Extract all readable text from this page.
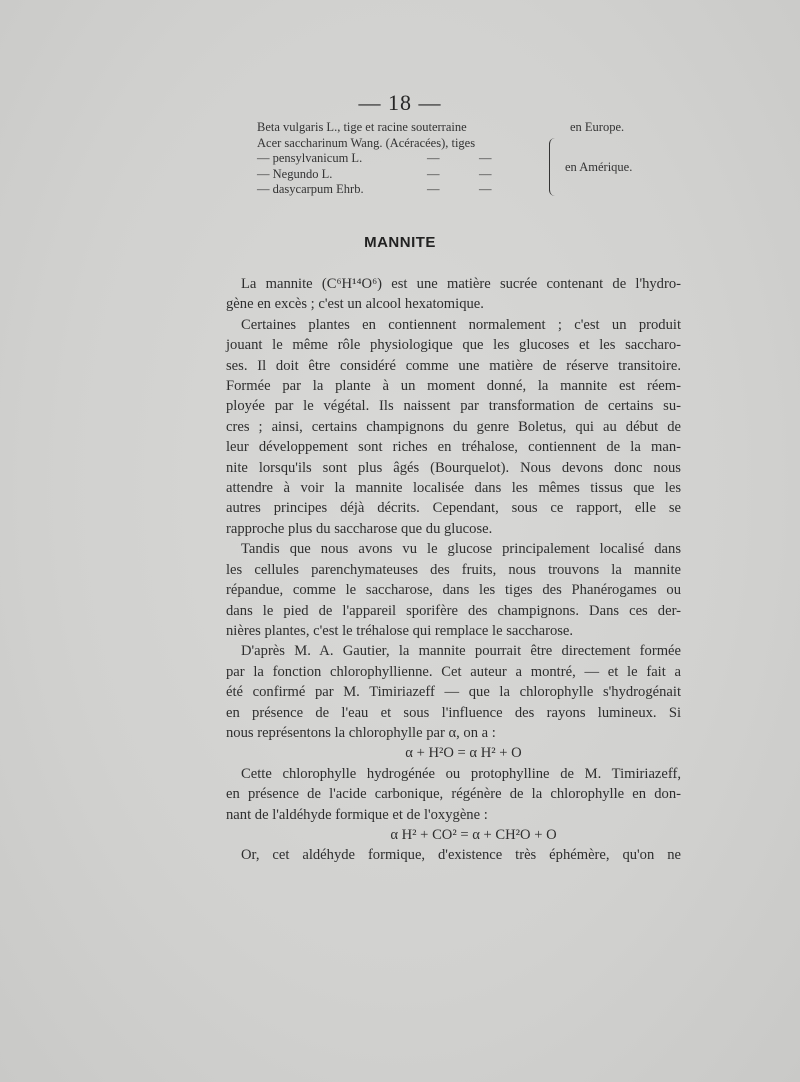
— 18 —
Beta vulgaris L., tige et racine souterraine	en Europe.
Acer saccharinum Wang. (Acéracées), tiges
— pensylvanicum L.	—	—
— Negundo L.	—	—
— dasycarpum Ehrb.	—	—
en Amérique.
MANNITE
La mannite (C⁶H¹⁴O⁶) est une matière sucrée contenant de l'hydro-
gène en excès ; c'est un alcool hexatomique.
Certaines plantes en contiennent normalement ; c'est un produit
jouant le même rôle physiologique que les glucoses et les saccharo-
ses. Il doit être considéré comme une matière de réserve transitoire.
Formée par la plante à un moment donné, la mannite est réem-
ployée par le végétal. Ils naissent par transformation de certains su-
cres ; ainsi, certains champignons du genre Boletus, qui au début de
leur développement sont riches en tréhalose, contiennent de la man-
nite lorsqu'ils sont plus âgés (Bourquelot). Nous devons donc nous
attendre à voir la mannite localisée dans les mêmes tissus que les
autres principes déjà décrits. Cependant, sous ce rapport, elle se
rapproche plus du saccharose que du glucose.
Tandis que nous avons vu le glucose principalement localisé dans
les cellules parenchymateuses des fruits, nous trouvons la mannite
répandue, comme le saccharose, dans les tiges des Phanérogames ou
dans le pied de l'appareil sporifère des champignons. Dans ces der-
nières plantes, c'est le tréhalose qui remplace le saccharose.
D'après M. A. Gautier, la mannite pourrait être directement formée
par la fonction chlorophyllienne. Cet auteur a montré, — et le fait a
été confirmé par M. Timiriazeff — que la chlorophylle s'hydrogénait
en présence de l'eau et sous l'influence des rayons lumineux. Si
nous représentons la chlorophylle par α, on a :
α + H²O = α H² + O
Cette chlorophylle hydrogénée ou protophylline de M. Timiriazeff,
en présence de l'acide carbonique, régénère de la chlorophylle en don-
nant de l'aldéhyde formique et de l'oxygène :
α H² + CO² = α + CH²O + O
Or, cet aldéhyde formique, d'existence très éphémère, qu'on ne
